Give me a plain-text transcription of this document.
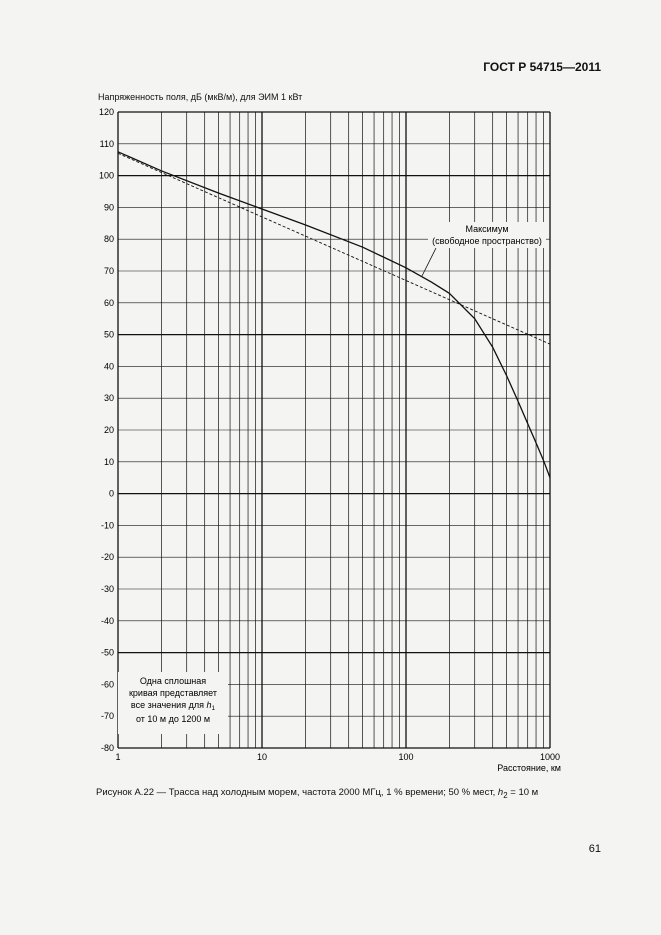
ГОСТ Р 54715—2011
Напряженность поля, дБ (мкВ/м), для ЭИМ 1 кВт
120
110
100
90
80
70
60
50
40
30
20
10
0
-10
-20
-30
-40
-50
-60
-70
-80
1	10	100	1000
Максимум
(свободное пространство)
Одна сплошная
кривая представляет
все значения для $h_1$
от 10 м до 1200 м
Расстояние, км
Рисунок А.22 — Трасса над холодным морем, частота 2000 МГц, 1 % времени; 50 % мест, $h_2 = 10$ м
61
